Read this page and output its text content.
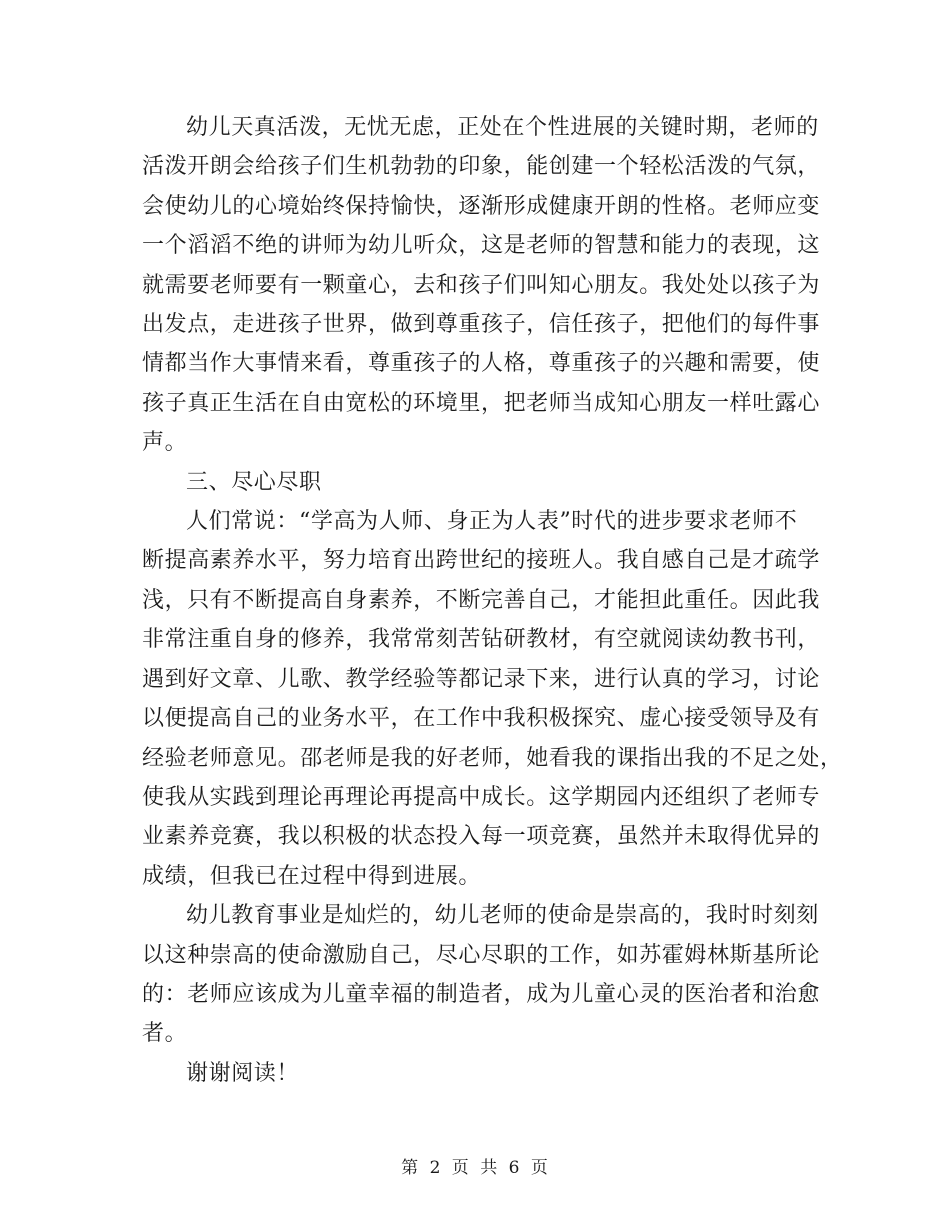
幼儿天真活泼，无忧无虑，正处在个性进展的关键时期，老师的
活泼开朗会给孩子们生机勃勃的印象，能创建一个轻松活泼的气氛，
会使幼儿的心境始终保持愉快，逐渐形成健康开朗的性格。老师应变
一个滔滔不绝的讲师为幼儿听众，这是老师的智慧和能力的表现，这
就需要老师要有一颗童心，去和孩子们叫知心朋友。我处处以孩子为
出发点，走进孩子世界，做到尊重孩子，信任孩子，把他们的每件事
情都当作大事情来看，尊重孩子的人格，尊重孩子的兴趣和需要，使
孩子真正生活在自由宽松的环境里，把老师当成知心朋友一样吐露心
声。
三、尽心尽职
人们常说：“学高为人师、身正为人表”时代的进步要求老师不
断提高素养水平，努力培育出跨世纪的接班人。我自感自己是才疏学
浅，只有不断提高自身素养，不断完善自己，才能担此重任。因此我
非常注重自身的修养，我常常刻苦钻研教材，有空就阅读幼教书刊，
遇到好文章、儿歌、教学经验等都记录下来，进行认真的学习，讨论
以便提高自己的业务水平，在工作中我积极探究、虚心接受领导及有
经验老师意见。邵老师是我的好老师，她看我的课指出我的不足之处，
使我从实践到理论再理论再提高中成长。这学期园内还组织了老师专
业素养竞赛，我以积极的状态投入每一项竞赛，虽然并未取得优异的
成绩，但我已在过程中得到进展。
幼儿教育事业是灿烂的，幼儿老师的使命是崇高的，我时时刻刻
以这种崇高的使命激励自己，尽心尽职的工作，如苏霍姆林斯基所论
的：老师应该成为儿童幸福的制造者，成为儿童心灵的医治者和治愈
者。
谢谢阅读！
第 2 页 共 6 页
